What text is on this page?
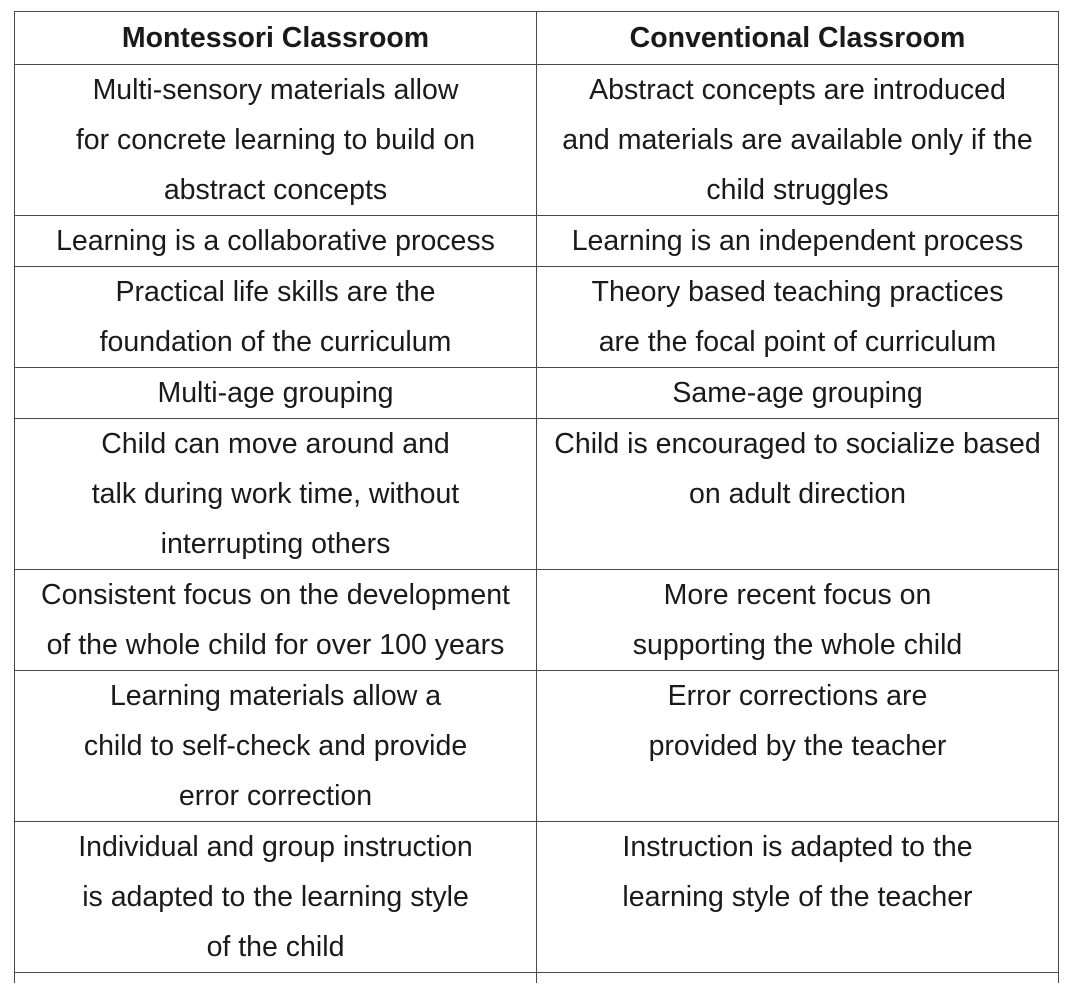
Montessori Classroom	Conventional Classroom

Multi-sensory materials allow
for concrete learning to build on
abstract concepts	Abstract concepts are introduced
and materials are available only if the
child struggles

Learning is a collaborative process	Learning is an independent process

Practical life skills are the
foundation of the curriculum	Theory based teaching practices
are the focal point of curriculum

Multi-age grouping	Same-age grouping

Child can move around and
talk during work time, without
interrupting others	Child is encouraged to socialize based
on adult direction

Consistent focus on the development
of the whole child for over 100 years	More recent focus on
supporting the whole child

Learning materials allow a
child to self-check and provide
error correction	Error corrections are
provided by the teacher

Individual and group instruction
is adapted to the learning style
of the child	Instruction is adapted to the
learning style of the teacher
